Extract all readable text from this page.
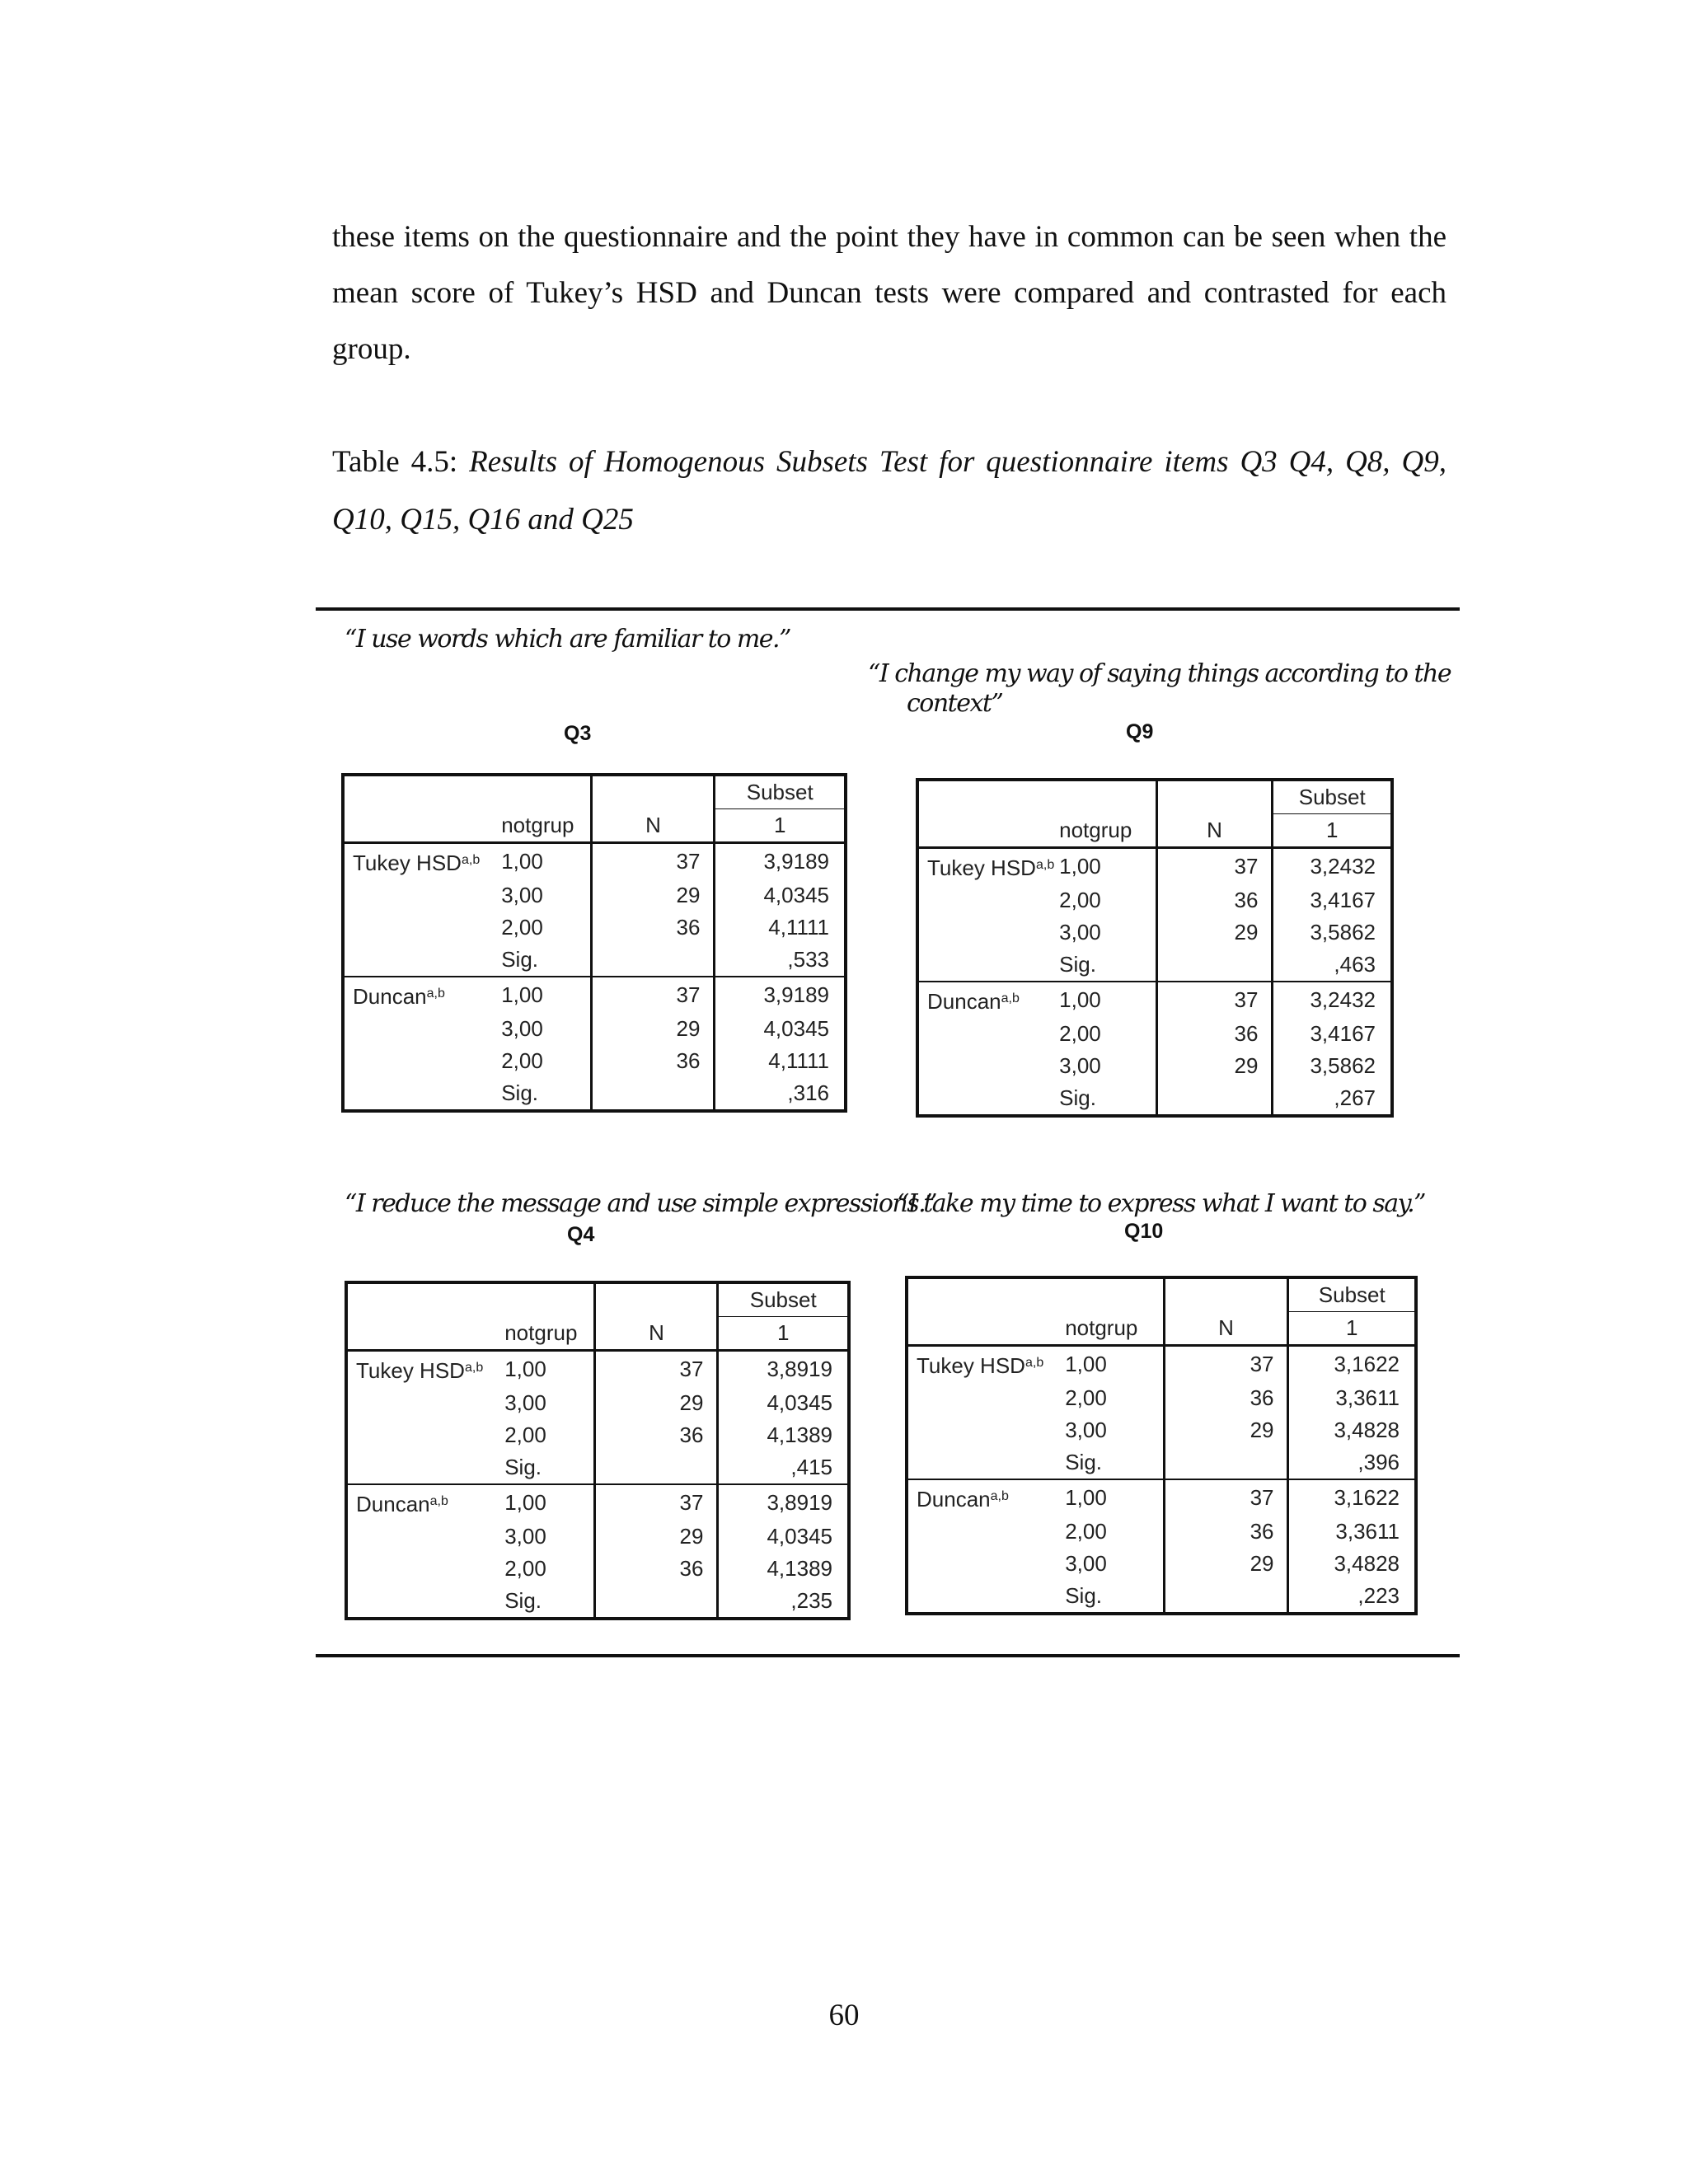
these items on the questionnaire and the point they have in common can be seen when the mean score of Tukey’s HSD and Duncan tests were compared and contrasted for each group.

Table 4.5: Results of Homogenous Subsets Test for questionnaire items Q3 Q4, Q8, Q9, Q10, Q15, Q16 and Q25

“I use words which are familiar to me.”
Q3
			Subset
	notgrup	N	1
Tukey HSD$^{a,b}$	1,00	37	3,9189
	3,00	29	4,0345
	2,00	36	4,1111
	Sig.		,533
Duncan$^{a,b}$	1,00	37	3,9189
	3,00	29	4,0345
	2,00	36	4,1111
	Sig.		,316
“I change my way of saying things according to the
context”
Q9
			Subset
	notgrup	N	1
Tukey HSD$^{a,b}$	1,00	37	3,2432
	2,00	36	3,4167
	3,00	29	3,5862
	Sig.		,463
Duncan$^{a,b}$	1,00	37	3,2432
	2,00	36	3,4167
	3,00	29	3,5862
	Sig.		,267
“I reduce the message and use simple expressions.”
Q4
			Subset
	notgrup	N	1
Tukey HSD$^{a,b}$	1,00	37	3,8919
	3,00	29	4,0345
	2,00	36	4,1389
	Sig.		,415
Duncan$^{a,b}$	1,00	37	3,8919
	3,00	29	4,0345
	2,00	36	4,1389
	Sig.		,235
“I take my time to express what I want to say.”
Q10
			Subset
	notgrup	N	1
Tukey HSD$^{a,b}$	1,00	37	3,1622
	2,00	36	3,3611
	3,00	29	3,4828
	Sig.		,396
Duncan$^{a,b}$	1,00	37	3,1622
	2,00	36	3,3611
	3,00	29	3,4828
	Sig.		,223
60
